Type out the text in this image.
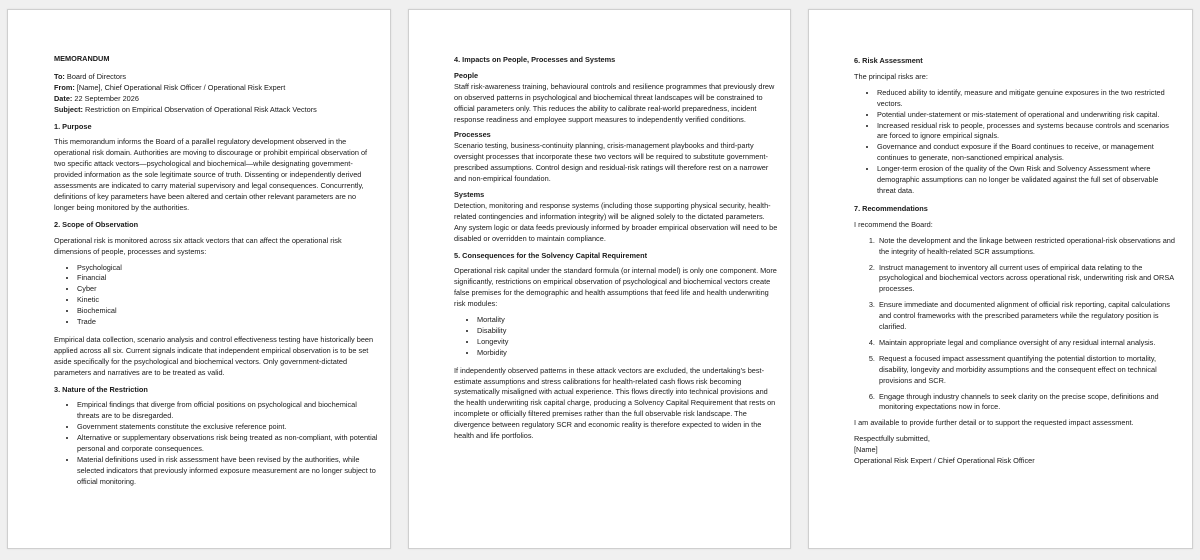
MEMORANDUM
To: Board of Directors
From: [Name], Chief Operational Risk Officer / Operational Risk Expert
Date: 22 September 2026
Subject: Restriction on Empirical Observation of Operational Risk Attack Vectors
1. Purpose

This memorandum informs the Board of a parallel regulatory development observed in the operational risk domain. Authorities are moving to discourage or prohibit empirical observation of two specific attack vectors—psychological and biochemical—while designating government-provided information as the sole legitimate source of truth. Dissenting or independently derived assessments are indicated to carry material supervisory and legal consequences. Concurrently, definitions of key parameters have been altered and certain other relevant parameters are no longer being monitored by the authorities.

2. Scope of Observation

Operational risk is monitored across six attack vectors that can affect the operational risk dimensions of people, processes and systems:

• Psychological
• Financial
• Cyber
• Kinetic
• Biochemical
• Trade

Empirical data collection, scenario analysis and control effectiveness testing have historically been applied across all six. Current signals indicate that independent empirical observation is to be set aside specifically for the psychological and biochemical vectors. Only government-dictated parameters and narratives are to be treated as valid.

3. Nature of the Restriction
• Empirical findings that diverge from official positions on psychological and biochemical threats are to be disregarded.
• Government statements constitute the exclusive reference point.
• Alternative or supplementary observations risk being treated as non-compliant, with potential personal and corporate consequences.
• Material definitions used in risk assessment have been revised by the authorities, while selected indicators that previously informed exposure measurement are no longer subject to official monitoring.
4. Impacts on People, Processes and Systems
People

Staff risk-awareness training, behavioural controls and resilience programmes that previously drew on observed patterns in psychological and biochemical threat landscapes will be constrained to official parameters only. This reduces the ability to calibrate real-world preparedness, incident response readiness and employee support measures to independently verified conditions.

Processes

Scenario testing, business-continuity planning, crisis-management playbooks and third-party oversight processes that incorporate these two vectors will be required to substitute government-prescribed assumptions. Control design and residual-risk ratings will therefore rest on a narrower and non-empirical foundation.

Systems

Detection, monitoring and response systems (including those supporting physical security, health-related contingencies and information integrity) will be aligned solely to the dictated parameters. Any system logic or data feeds previously informed by broader empirical observation will need to be disabled or overridden to maintain compliance.

5. Consequences for the Solvency Capital Requirement

Operational risk capital under the standard formula (or internal model) is only one component. More significantly, restrictions on empirical observation of psychological and biochemical vectors create false premises for the demographic and health assumptions that feed life and health underwriting risk modules:

• Mortality
• Disability
• Longevity
• Morbidity

If independently observed patterns in these attack vectors are excluded, the undertaking's best-estimate assumptions and stress calibrations for health-related cash flows risk becoming systematically misaligned with actual experience. This flows directly into technical provisions and the health underwriting risk capital charge, producing a Solvency Capital Requirement that rests on incomplete or officially filtered premises rather than the full observable risk landscape. The divergence between regulatory SCR and economic reality is therefore expected to widen in the health and life portfolios.

6. Risk Assessment

The principal risks are:

• Reduced ability to identify, measure and mitigate genuine exposures in the two restricted vectors.
• Potential under-statement or mis-statement of operational and underwriting risk capital.
• Increased residual risk to people, processes and systems because controls and scenarios are forced to ignore empirical signals.
• Governance and conduct exposure if the Board continues to receive, or management continues to generate, non-sanctioned empirical analysis.
• Longer-term erosion of the quality of the Own Risk and Solvency Assessment where demographic assumptions can no longer be validated against the full set of observable threat data.
7. Recommendations

I recommend the Board:

1. Note the development and the linkage between restricted operational-risk observations and the integrity of health-related SCR assumptions.
2. Instruct management to inventory all current uses of empirical data relating to the psychological and biochemical vectors across operational risk, underwriting risk and ORSA processes.
3. Ensure immediate and documented alignment of official risk reporting, capital calculations and control frameworks with the prescribed parameters while the regulatory position is clarified.
4. Maintain appropriate legal and compliance oversight of any residual internal analysis.
5. Request a focused impact assessment quantifying the potential distortion to mortality, disability, longevity and morbidity assumptions and the consequent effect on technical provisions and SCR.
6. Engage through industry channels to seek clarity on the precise scope, definitions and monitoring expectations now in force.

I am available to provide further detail or to support the requested impact assessment.

Respectfully submitted,

[Name]

Operational Risk Expert / Chief Operational Risk Officer
